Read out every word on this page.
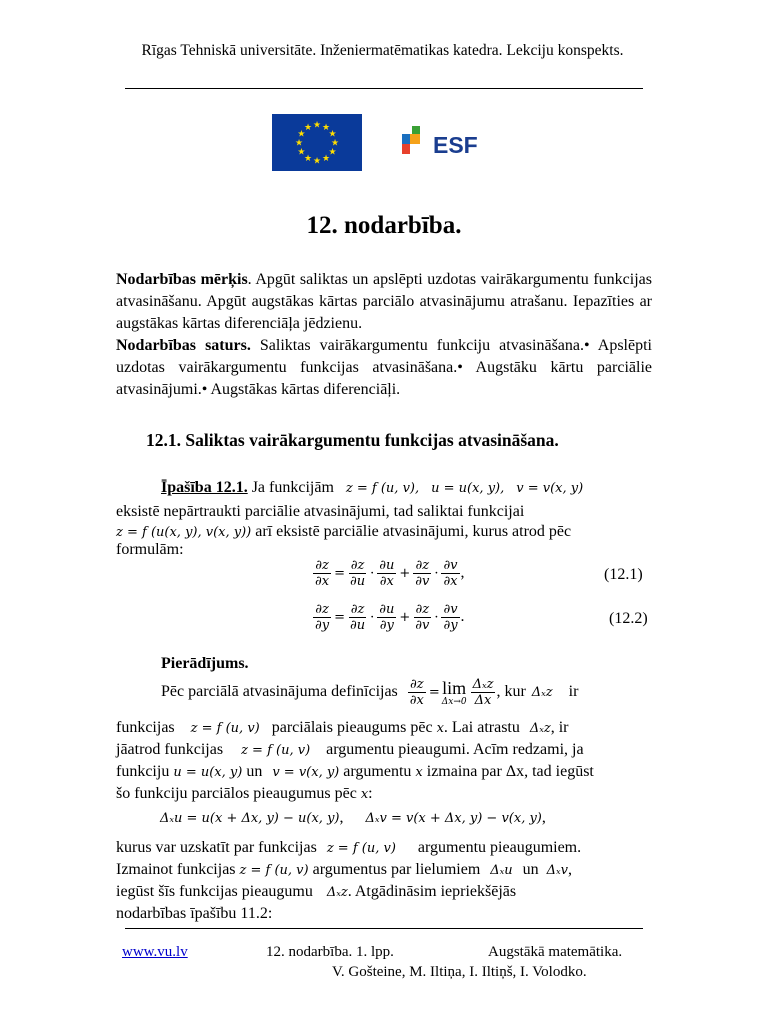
Rīgas Tehniskā universitāte. Inženiermatēmatikas katedra. Lekciju konspekts.
★ ★
★
★
★
★
★
★
★
★
★
★
ESF
12. nodarbība.

Nodarbības mērķis. Apgūt saliktas un apslēpti uzdotas vairākargumentu funkcijas atvasināšanu. Apgūt augstākas kārtas parciālo atvasinājumu atrašanu. Iepazīties ar augstākas kārtas diferenciāļa jēdzienu.

Nodarbības saturs. Saliktas vairākargumentu funkciju atvasināšana.• Apslēpti uzdotas vairākargumentu funkcijas atvasināšana.• Augstāku kārtu parciālie atvasinājumi.• Augstākas kārtas diferenciāļi.

12.1. Saliktas vairākargumentu funkcijas atvasināšana.
Īpašība 12.1. Ja funkcijām z = f (u, v), u = u(x, y), v = v(x, y)
eksistē nepārtraukti parciālie atvasinājumi, tad saliktai funkcijai
z = f (u(x, y), v(x, y)) arī eksistē parciālie atvasinājumi, kurus atrod pēc
formulām:
$\frac{\partial z}{\partial x} = \frac{\partial z}{\partial u} \cdot \frac{\partial u}{\partial x} + \frac{\partial z}{\partial v} \cdot \frac{\partial v}{\partial x}$ ,	(12.1)
$\frac{\partial z}{\partial y} = \frac{\partial z}{\partial u} \cdot \frac{\partial u}{\partial y} + \frac{\partial z}{\partial v} \cdot \frac{\partial v}{\partial y}$ .	(12.2)
Pierādījums.
Pēc parciālā atvasinājuma definīcijas $\frac{\partial z}{\partial x} = \lim$
$\Delta x\to 0 \frac{\text{Δₓz}}{\Delta x}$ , kur Δₓz ir
funkcijas z = f (u, v) parciālais pieaugums pēc x. Lai atrastu Δₓz, ir
jāatrod funkcijas z = f (u, v) argumentu pieaugumi. Acīm redzami, ja
funkciju u = u(x, y) un v = v(x, y) argumentu x izmaina par Δx, tad iegūst
šo funkciju parciālos pieaugumus pēc x:
Δₓu = u(x + Δx, y) − u(x, y), Δₓv = v(x + Δx, y) − v(x, y),
kurus var uzskatīt par funkcijas z = f (u, v) argumentu pieaugumiem.
Izmainot funkcijas z = f (u, v) argumentus par lielumiem Δₓu un Δₓv,
iegūst šīs funkcijas pieaugumu Δₓz. Atgādināsim iepriekšējās
nodarbības īpašību 11.2:
www.vu.lv	12. nodarbība. 1. lpp.	Augstākā matemātika.
V. Gošteine, M. Iltiņa, I. Iltiņš, I. Volodko.
